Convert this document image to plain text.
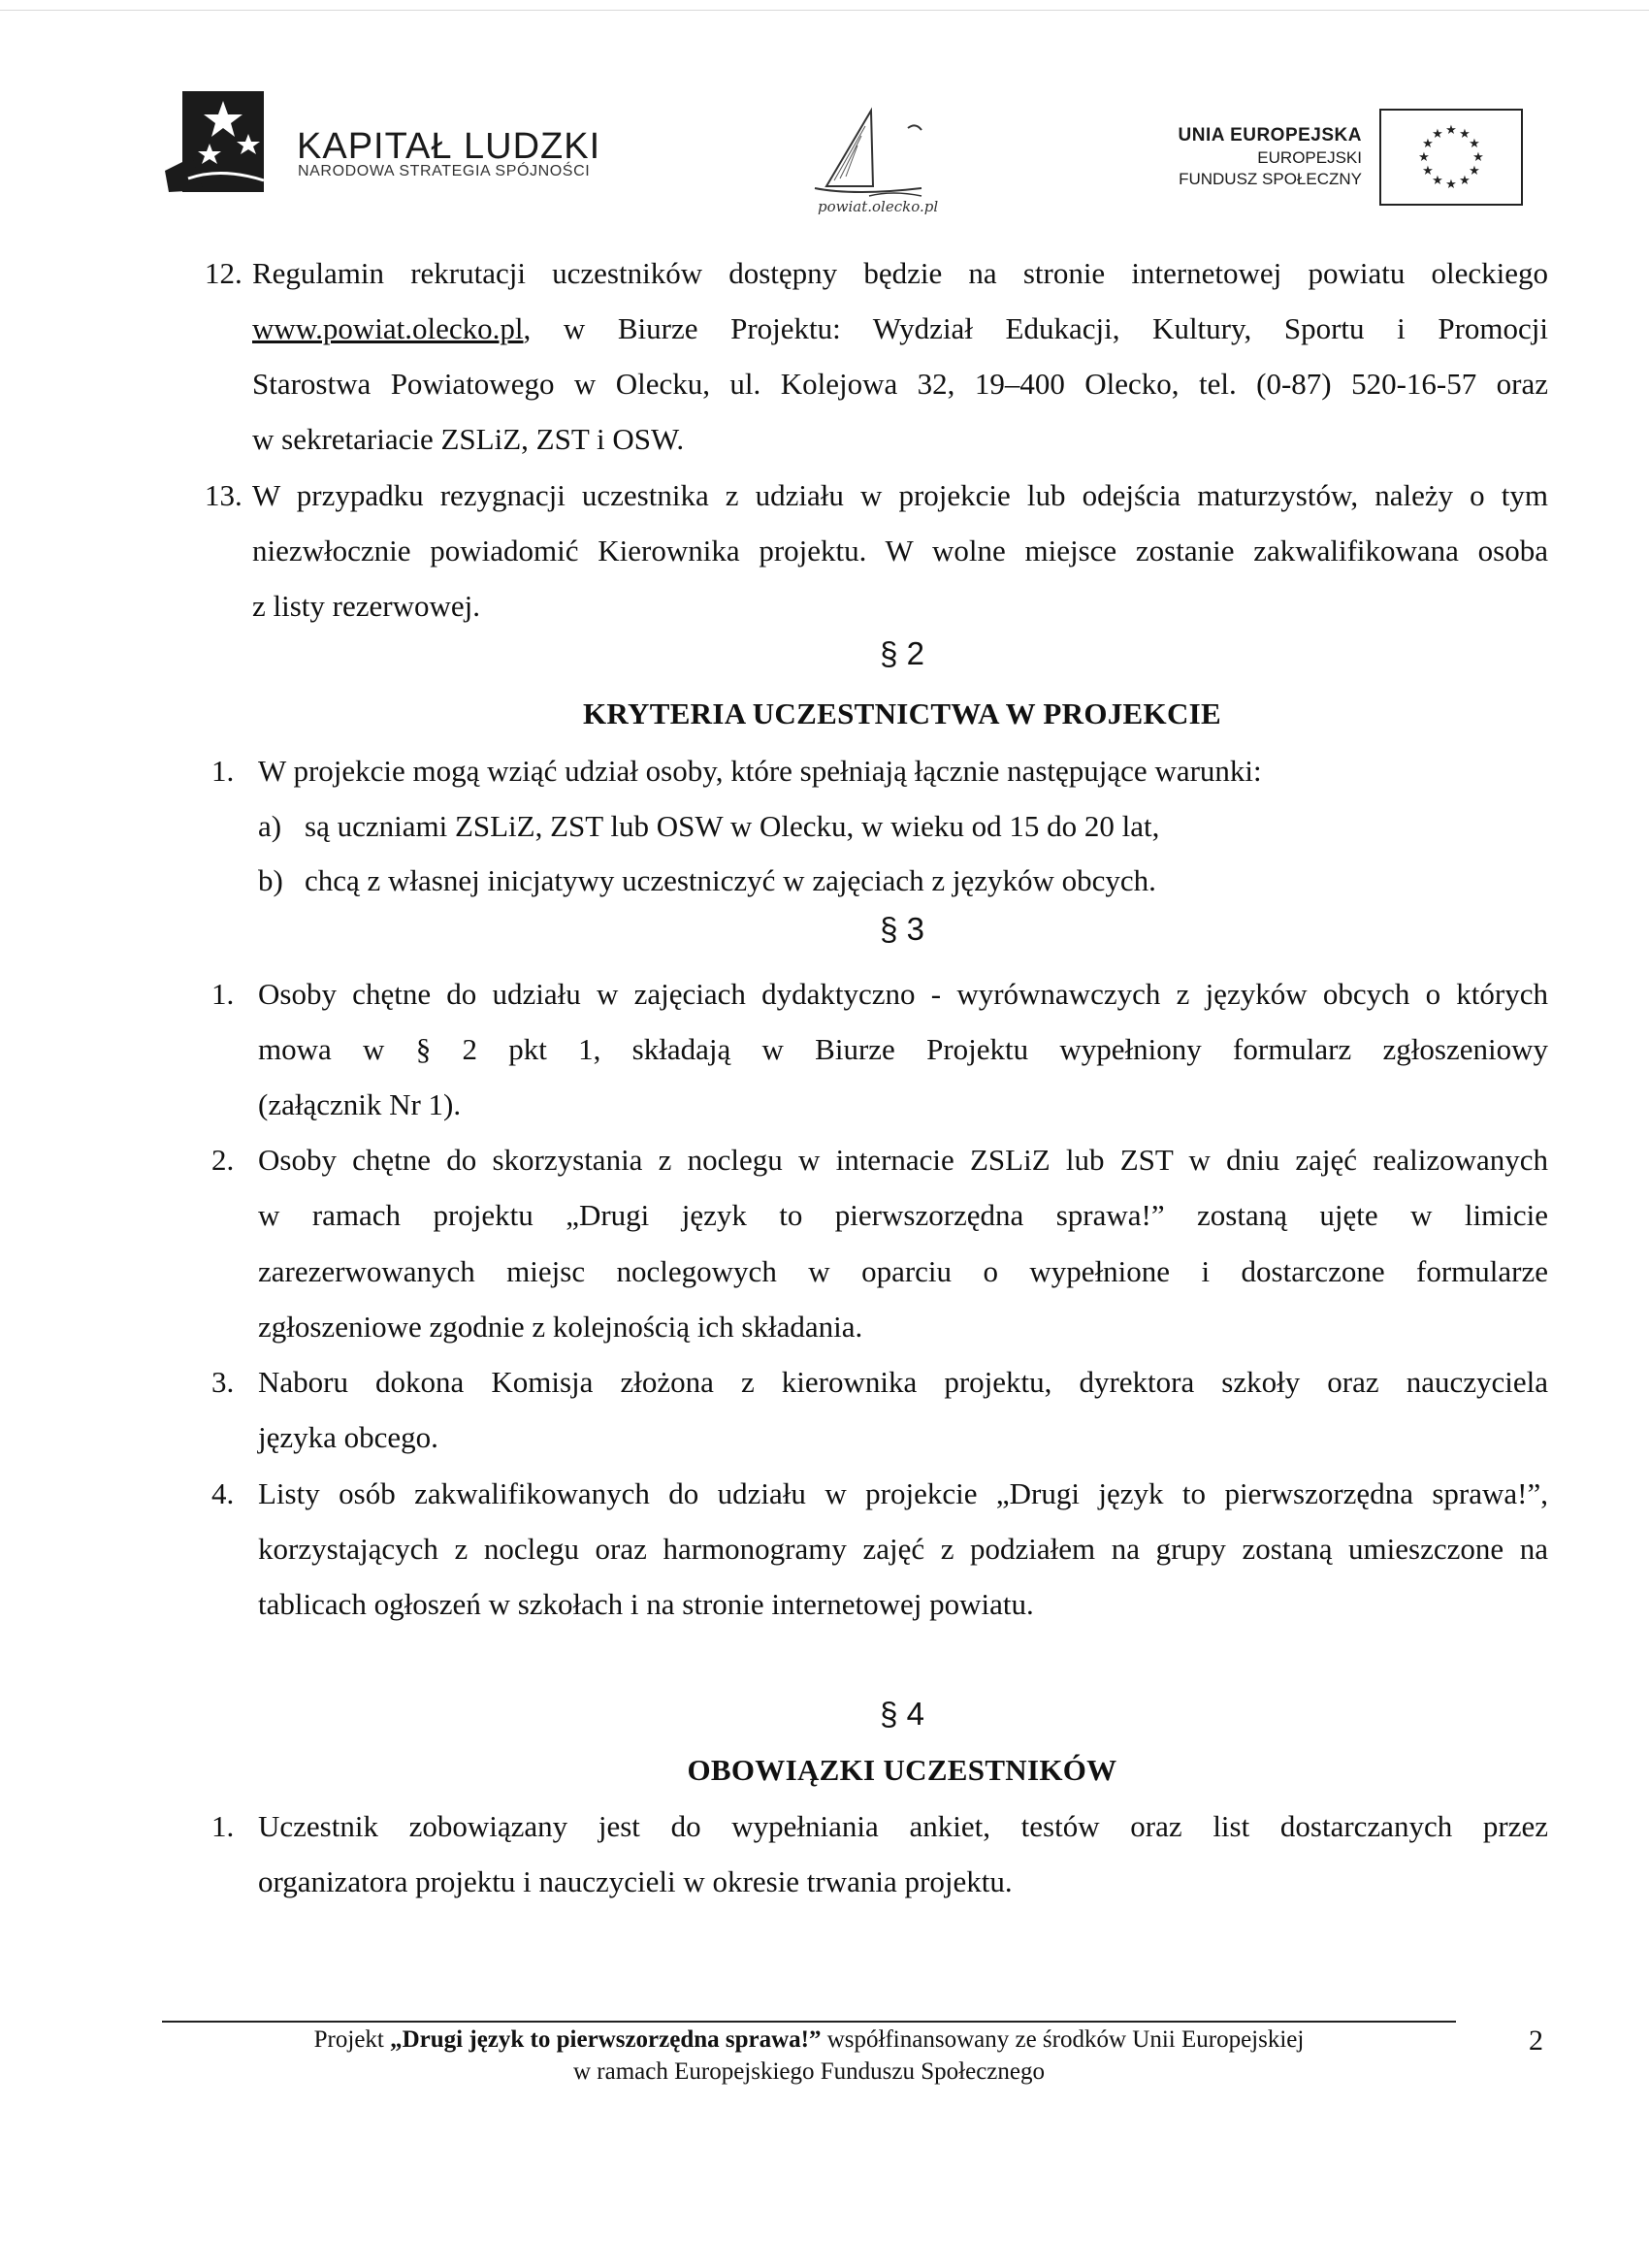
KAPITAŁ LUDZKI
NARODOWA STRATEGIA SPÓJNOŚCI
powiat.olecko.pl
UNIA EUROPEJSKA
EUROPEJSKI
FUNDUSZ SPOŁECZNY
★ ★
★
★
★
★
★
★
★
★
★
★
12. Regulamin rekrutacji uczestników dostępny będzie na stronie internetowej powiatu oleckiego
www.powiat.olecko.pl, w Biurze Projektu: Wydział Edukacji, Kultury, Sportu i Promocji
Starostwa Powiatowego w Olecku, ul. Kolejowa 32, 19–400 Olecko, tel. (0-87) 520-16-57 oraz
w sekretariacie ZSLiZ, ZST i OSW.
13. W przypadku rezygnacji uczestnika z udziału w projekcie lub odejścia maturzystów, należy o tym
niezwłocznie powiadomić Kierownika projektu. W wolne miejsce zostanie zakwalifikowana osoba
z listy rezerwowej.
§ 2
KRYTERIA UCZESTNICTWA W PROJEKCIE
1. W projekcie mogą wziąć udział osoby, które spełniają łącznie następujące warunki:
a) są uczniami ZSLiZ, ZST lub OSW w Olecku, w wieku od 15 do 20 lat,
b) chcą z własnej inicjatywy uczestniczyć w zajęciach z języków obcych.
§ 3
1. Osoby chętne do udziału w zajęciach dydaktyczno - wyrównawczych z języków obcych o których
mowa w § 2 pkt 1, składają w Biurze Projektu wypełniony formularz zgłoszeniowy
(załącznik Nr 1).
2. Osoby chętne do skorzystania z noclegu w internacie ZSLiZ lub ZST w dniu zajęć realizowanych
w ramach projektu „Drugi język to pierwszorzędna sprawa!” zostaną ujęte w limicie
zarezerwowanych miejsc noclegowych w oparciu o wypełnione i dostarczone formularze
zgłoszeniowe zgodnie z kolejnością ich składania.
3. Naboru dokona Komisja złożona z kierownika projektu, dyrektora szkoły oraz nauczyciela
języka obcego.
4. Listy osób zakwalifikowanych do udziału w projekcie „Drugi język to pierwszorzędna sprawa!”,
korzystających z noclegu oraz harmonogramy zajęć z podziałem na grupy zostaną umieszczone na
tablicach ogłoszeń w szkołach i na stronie internetowej powiatu.
§ 4
OBOWIĄZKI UCZESTNIKÓW
1. Uczestnik zobowiązany jest do wypełniania ankiet, testów oraz list dostarczanych przez
organizatora projektu i nauczycieli w okresie trwania projektu.
Projekt „Drugi język to pierwszorzędna sprawa!” współfinansowany ze środków Unii Europejskiej
w ramach Europejskiego Funduszu Społecznego
2
